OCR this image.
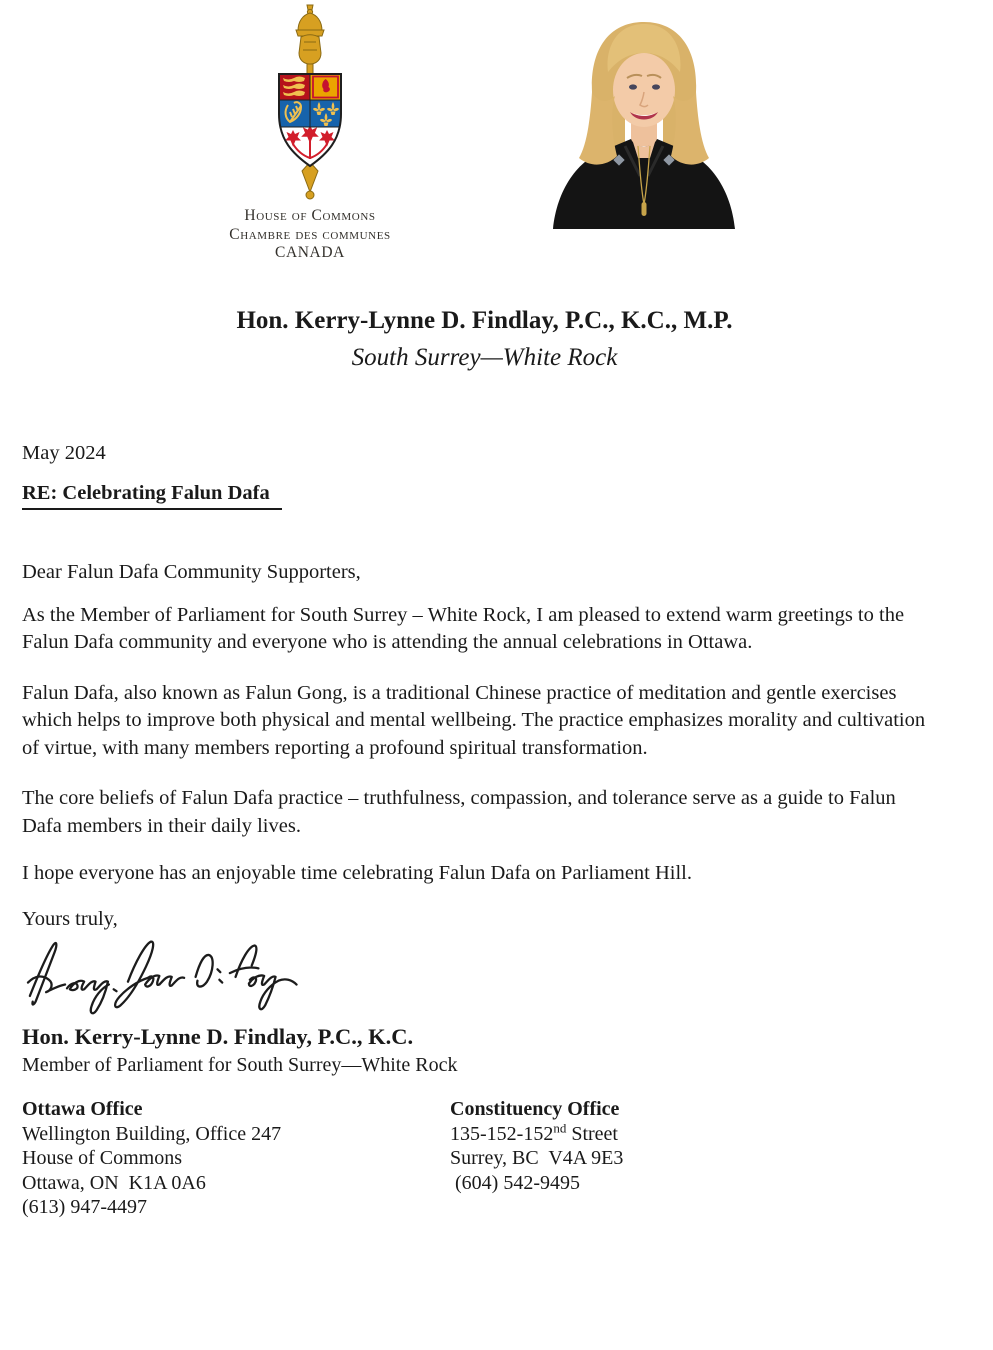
House of Commons
Chambre des communes
CANADA
Hon. Kerry-Lynne D. Findlay, P.C., K.C., M.P.
South Surrey—White Rock

May 2024

RE: Celebrating Falun Dafa

Dear Falun Dafa Community Supporters,

As the Member of Parliament for South Surrey – White Rock, I am pleased to extend warm greetings to the Falun Dafa community and everyone who is attending the annual celebrations in Ottawa.

Falun Dafa, also known as Falun Gong, is a traditional Chinese practice of meditation and gentle exercises which helps to improve both physical and mental wellbeing. The practice emphasizes morality and cultivation of virtue, with many members reporting a profound spiritual transformation.

The core beliefs of Falun Dafa practice – truthfulness, compassion, and tolerance serve as a guide to Falun Dafa members in their daily lives.

I hope everyone has an enjoyable time celebrating Falun Dafa on Parliament Hill.

Yours truly,

Hon. Kerry-Lynne D. Findlay, P.C., K.C.
Member of Parliament for South Surrey—White Rock
Ottawa Office
Wellington Building, Office 247
House of Commons
Ottawa, ON  K1A 0A6
(613) 947-4497
Constituency Office
135-152-152nd Street
Surrey, BC  V4A 9E3
(604) 542-9495
